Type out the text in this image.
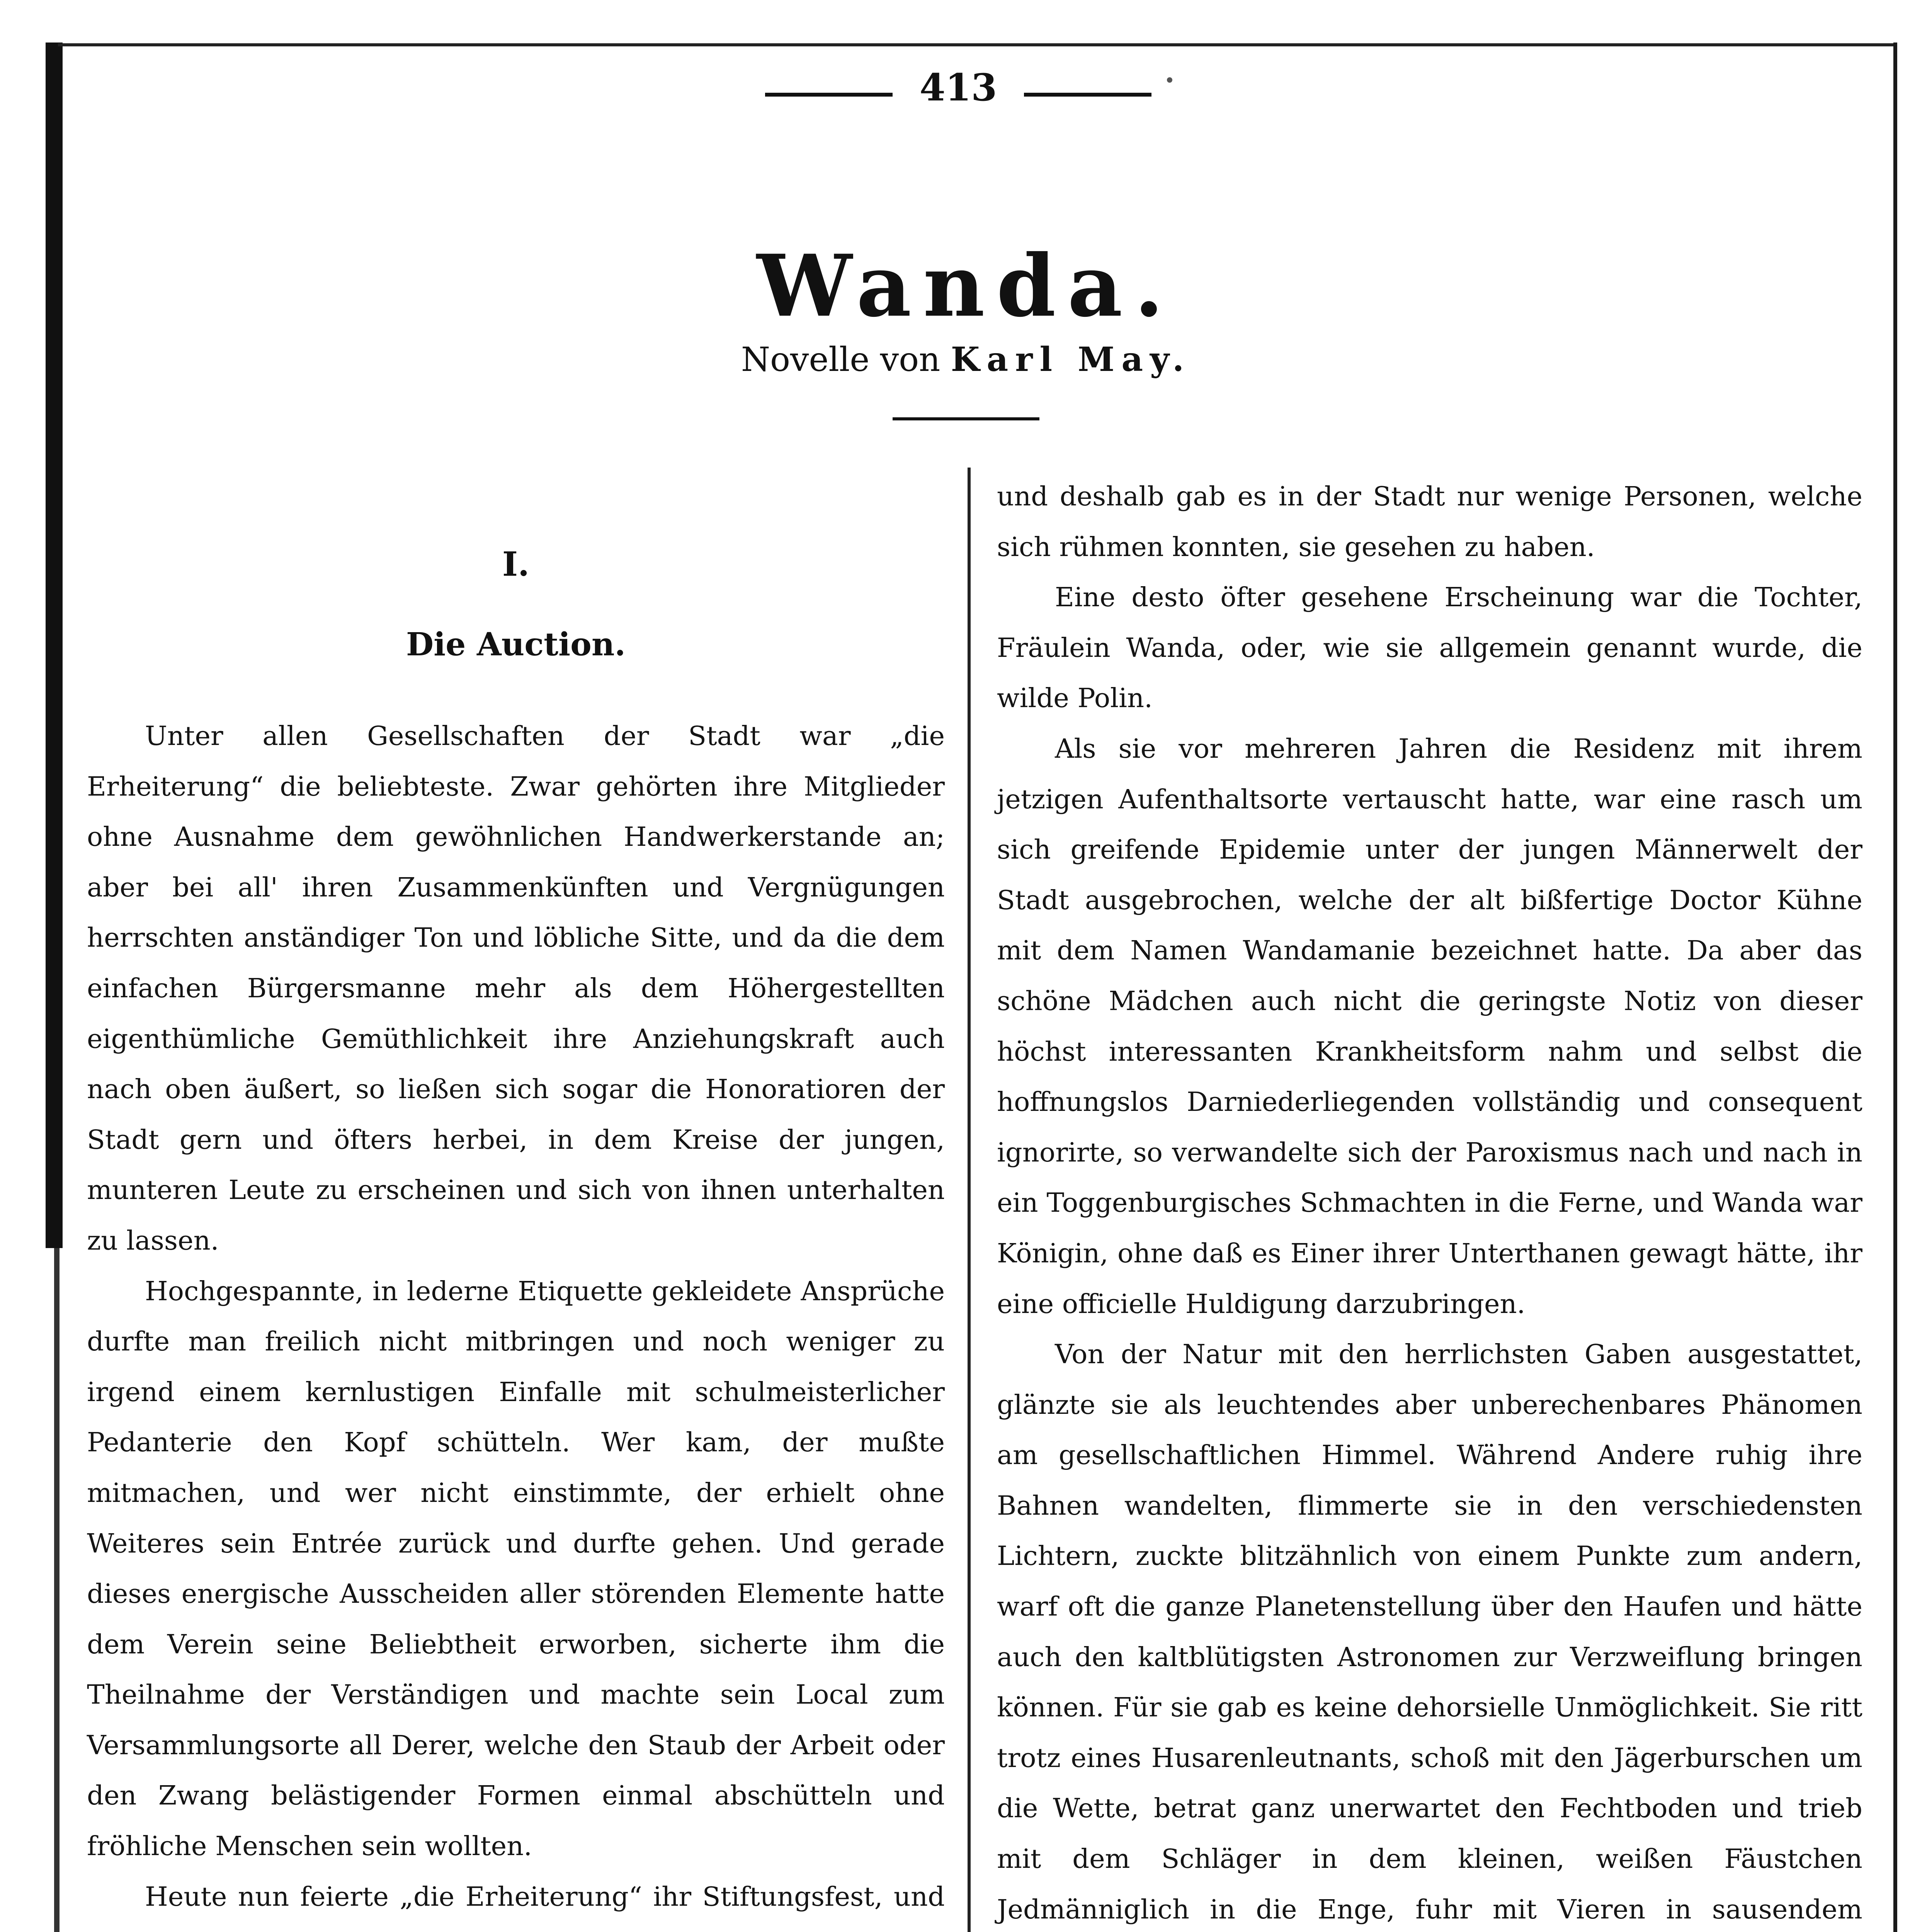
413
Wanda.
Novelle von Karl May.
I.
Die Auction.

Unter allen Gesellschaften der Stadt war „die Erheiterung“ die beliebteste. Zwar gehörten ihre Mitglieder ohne Ausnahme dem gewöhnlichen Handwerkerstande an; aber bei all' ihren Zusammenkünften und Vergnügungen herrschten anständiger Ton und löbliche Sitte, und da die dem einfachen Bürgersmanne mehr als dem Höhergestellten eigenthümliche Gemüthlichkeit ihre Anziehungskraft auch nach oben äußert, so ließen sich sogar die Honoratioren der Stadt gern und öfters herbei, in dem Kreise der jungen, munteren Leute zu erscheinen und sich von ihnen unterhalten zu lassen.

Hochgespannte, in lederne Etiquette gekleidete Ansprüche durfte man freilich nicht mitbringen und noch weniger zu irgend einem kernlustigen Einfalle mit schulmeisterlicher Pedanterie den Kopf schütteln. Wer kam, der mußte mitmachen, und wer nicht einstimmte, der erhielt ohne Weiteres sein Entrée zurück und durfte gehen. Und gerade dieses energische Ausscheiden aller störenden Elemente hatte dem Verein seine Beliebtheit erworben, sicherte ihm die Theilnahme der Verständigen und machte sein Local zum Versammlungsorte all Derer, welche den Staub der Arbeit oder den Zwang belästigender Formen einmal abschütteln und fröhliche Menschen sein wollten.

Heute nun feierte „die Erheiterung“ ihr Stiftungsfest, und

und deshalb gab es in der Stadt nur wenige Personen, welche sich rühmen konnten, sie gesehen zu haben.

Eine desto öfter gesehene Erscheinung war die Tochter, Fräulein Wanda, oder, wie sie allgemein genannt wurde, die wilde Polin.

Als sie vor mehreren Jahren die Residenz mit ihrem jetzigen Aufenthaltsorte vertauscht hatte, war eine rasch um sich greifende Epidemie unter der jungen Männerwelt der Stadt ausgebrochen, welche der alt bißfertige Doctor Kühne mit dem Namen Wandamanie bezeichnet hatte. Da aber das schöne Mädchen auch nicht die geringste Notiz von dieser höchst interessanten Krankheitsform nahm und selbst die hoffnungslos Darniederliegenden vollständig und consequent ignorirte, so verwandelte sich der Paroxismus nach und nach in ein Toggenburgisches Schmachten in die Ferne, und Wanda war Königin, ohne daß es Einer ihrer Unterthanen gewagt hätte, ihr eine officielle Huldigung darzubringen.

Von der Natur mit den herrlichsten Gaben ausgestattet, glänzte sie als leuchtendes aber unberechenbares Phänomen am gesellschaftlichen Himmel. Während Andere ruhig ihre Bahnen wandelten, flimmerte sie in den verschiedensten Lichtern, zuckte blitzähnlich von einem Punkte zum andern, warf oft die ganze Planetenstellung über den Haufen und hätte auch den kaltblütigsten Astronomen zur Verzweiflung bringen können. Für sie gab es keine dehorsielle Unmöglichkeit. Sie ritt trotz eines Husarenleutnants, schoß mit den Jägerburschen um die Wette, betrat ganz unerwartet den Fechtboden und trieb mit dem Schläger in dem kleinen, weißen Fäustchen Jedmänniglich in die Enge, fuhr mit Vieren in sausendem
